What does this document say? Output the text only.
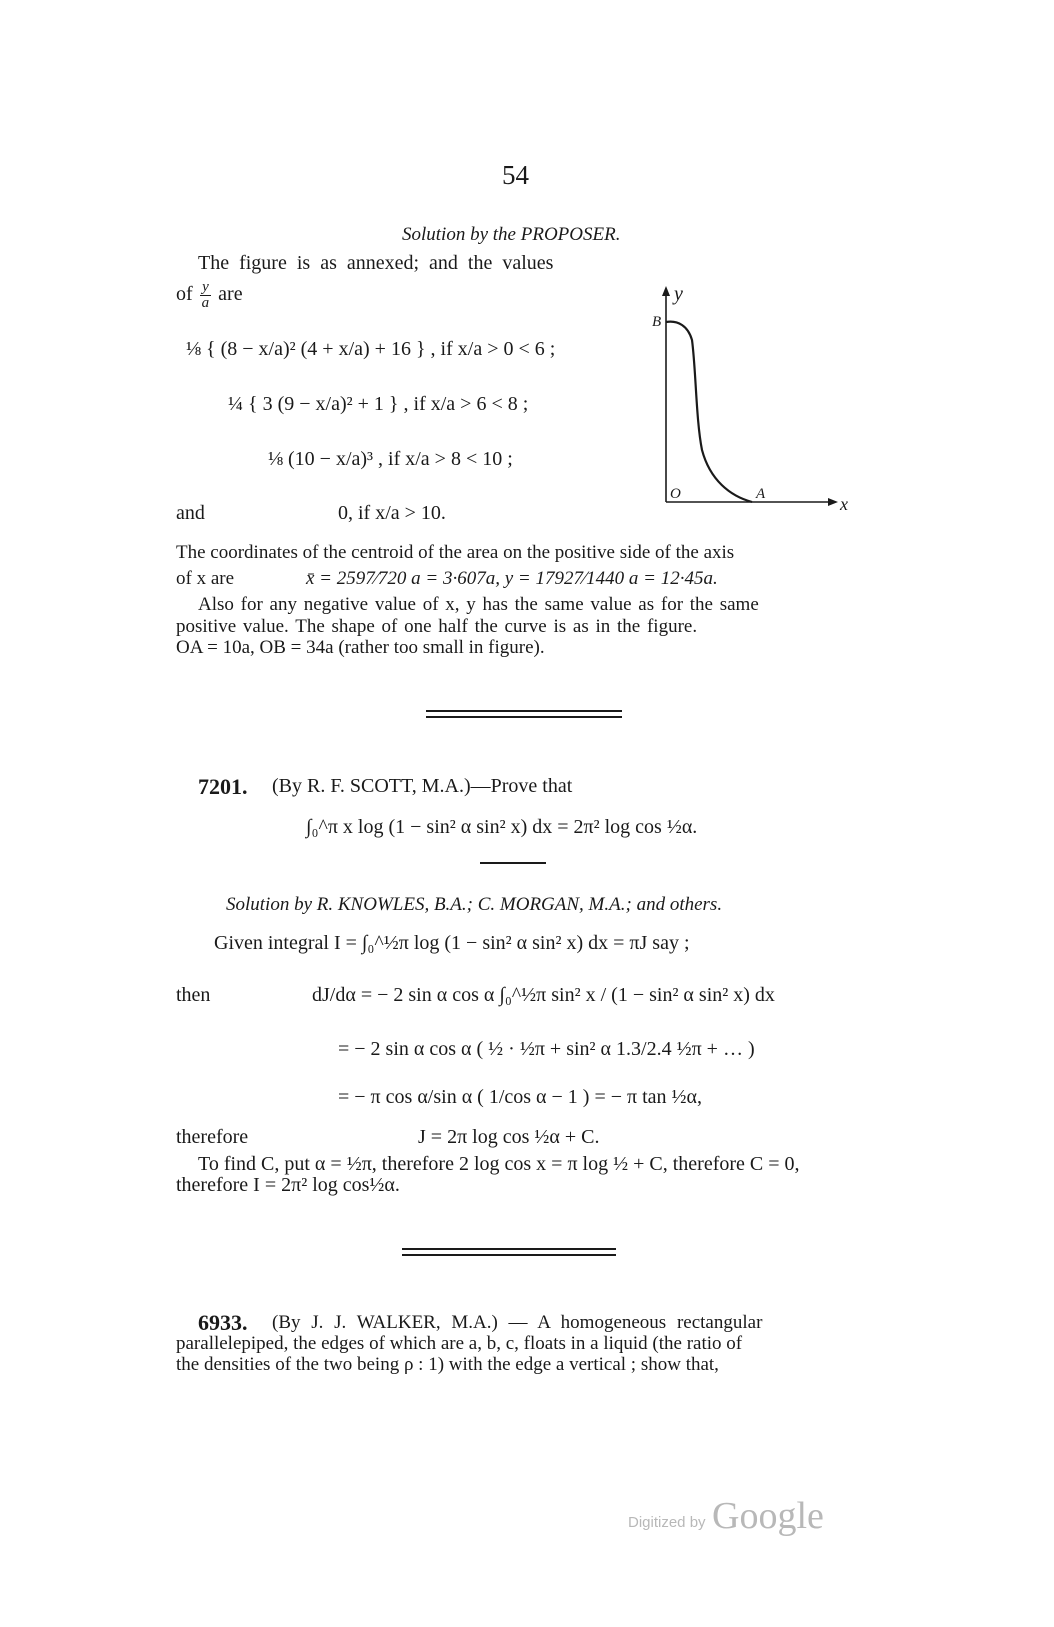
54
Solution by the PROPOSER.
The figure is as annexed; and the values
of $\frac{y}{a}$ are
⅛ { (8 − x/a)² (4 + x/a) + 16 } , if x/a > 0 < 6 ;
¼ { 3 (9 − x/a)² + 1 } , if x/a > 6 < 8 ;
⅛ (10 − x/a)³ , if x/a > 8 < 10 ;
and	0, if x/a > 10.
y
x
B
O	A
The coordinates of the centroid of the area on the positive side of the axis
of x are	x̄ = 2597⁄720 a = 3·607a, y = 17927⁄1440 a = 12·45a.
Also for any negative value of x, y has the same value as for the same
positive value. The shape of one half the curve is as in the figure.
OA = 10a, OB = 34a (rather too small in figure).
7201. (By R. F. SCOTT, M.A.)—Prove that
∫₀^π x log (1 − sin² α sin² x) dx = 2π² log cos ½α.
Solution by R. KNOWLES, B.A.; C. MORGAN, M.A.; and others.
Given integral I = ∫₀^½π log (1 − sin² α sin² x) dx = πJ say ;
then	dJ/dα = − 2 sin α cos α ∫₀^½π sin² x / (1 − sin² α sin² x) dx
= − 2 sin α cos α ( ½ · ½π + sin² α 1.3/2.4 ½π + … )
= − π cos α/sin α ( 1/cos α − 1 ) = − π tan ½α,
therefore	J = 2π log cos ½α + C.
To find C, put α = ½π, therefore 2 log cos x = π log ½ + C, therefore C = 0,
therefore I = 2π² log cos½α.
6933. (By J. J. WALKER, M.A.) — A homogeneous rectangular
parallelepiped, the edges of which are a, b, c, floats in a liquid (the ratio of
the densities of the two being ρ : 1) with the edge a vertical ; show that,
Digitized by Google
